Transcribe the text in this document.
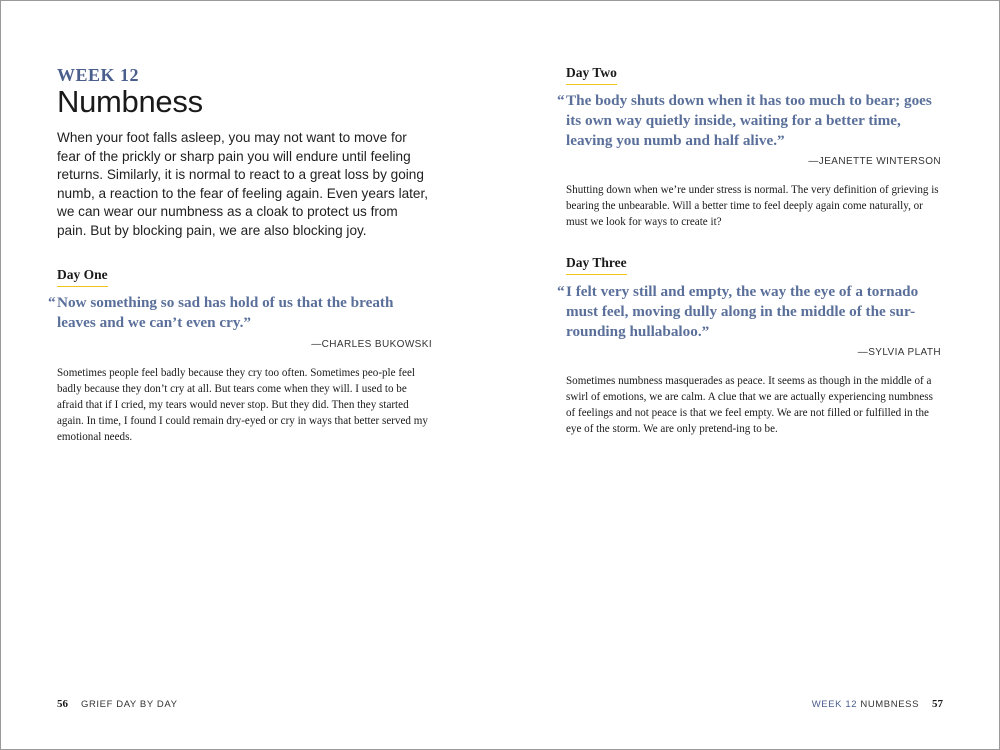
WEEK 12
Numbness
When your foot falls asleep, you may not want to move for fear of the prickly or sharp pain you will endure until feeling returns. Similarly, it is normal to react to a great loss by going numb, a reaction to the fear of feeling again. Even years later, we can wear our numbness as a cloak to protect us from pain. But by blocking pain, we are also blocking joy.
Day One
“ Now something so sad has hold of us that the breath leaves and we can’t even cry.”
—CHARLES BUKOWSKI
Sometimes people feel badly because they cry too often. Sometimes peo-ple feel badly because they don’t cry at all. But tears come when they will. I used to be afraid that if I cried, my tears would never stop. But they did. Then they started again. In time, I found I could remain dry-eyed or cry in ways that better served my emotional needs.
Day Two
“ The body shuts down when it has too much to bear; goes its own way quietly inside, waiting for a better time, leaving you numb and half alive.”
—JEANETTE WINTERSON
Shutting down when we’re under stress is normal. The very definition of grieving is bearing the unbearable. Will a better time to feel deeply again come naturally, or must we look for ways to create it?
Day Three
“ I felt very still and empty, the way the eye of a tornado must feel, moving dully along in the middle of the sur-rounding hullabaloo.”
—SYLVIA PLATH
Sometimes numbness masquerades as peace. It seems as though in the middle of a swirl of emotions, we are calm. A clue that we are actually experiencing numbness of feelings and not peace is that we feel empty. We are not filled or fulfilled in the eye of the storm. We are only pretend-ing to be.
56 GRIEF DAY BY DAY	WEEK 12 NUMBNESS 57
